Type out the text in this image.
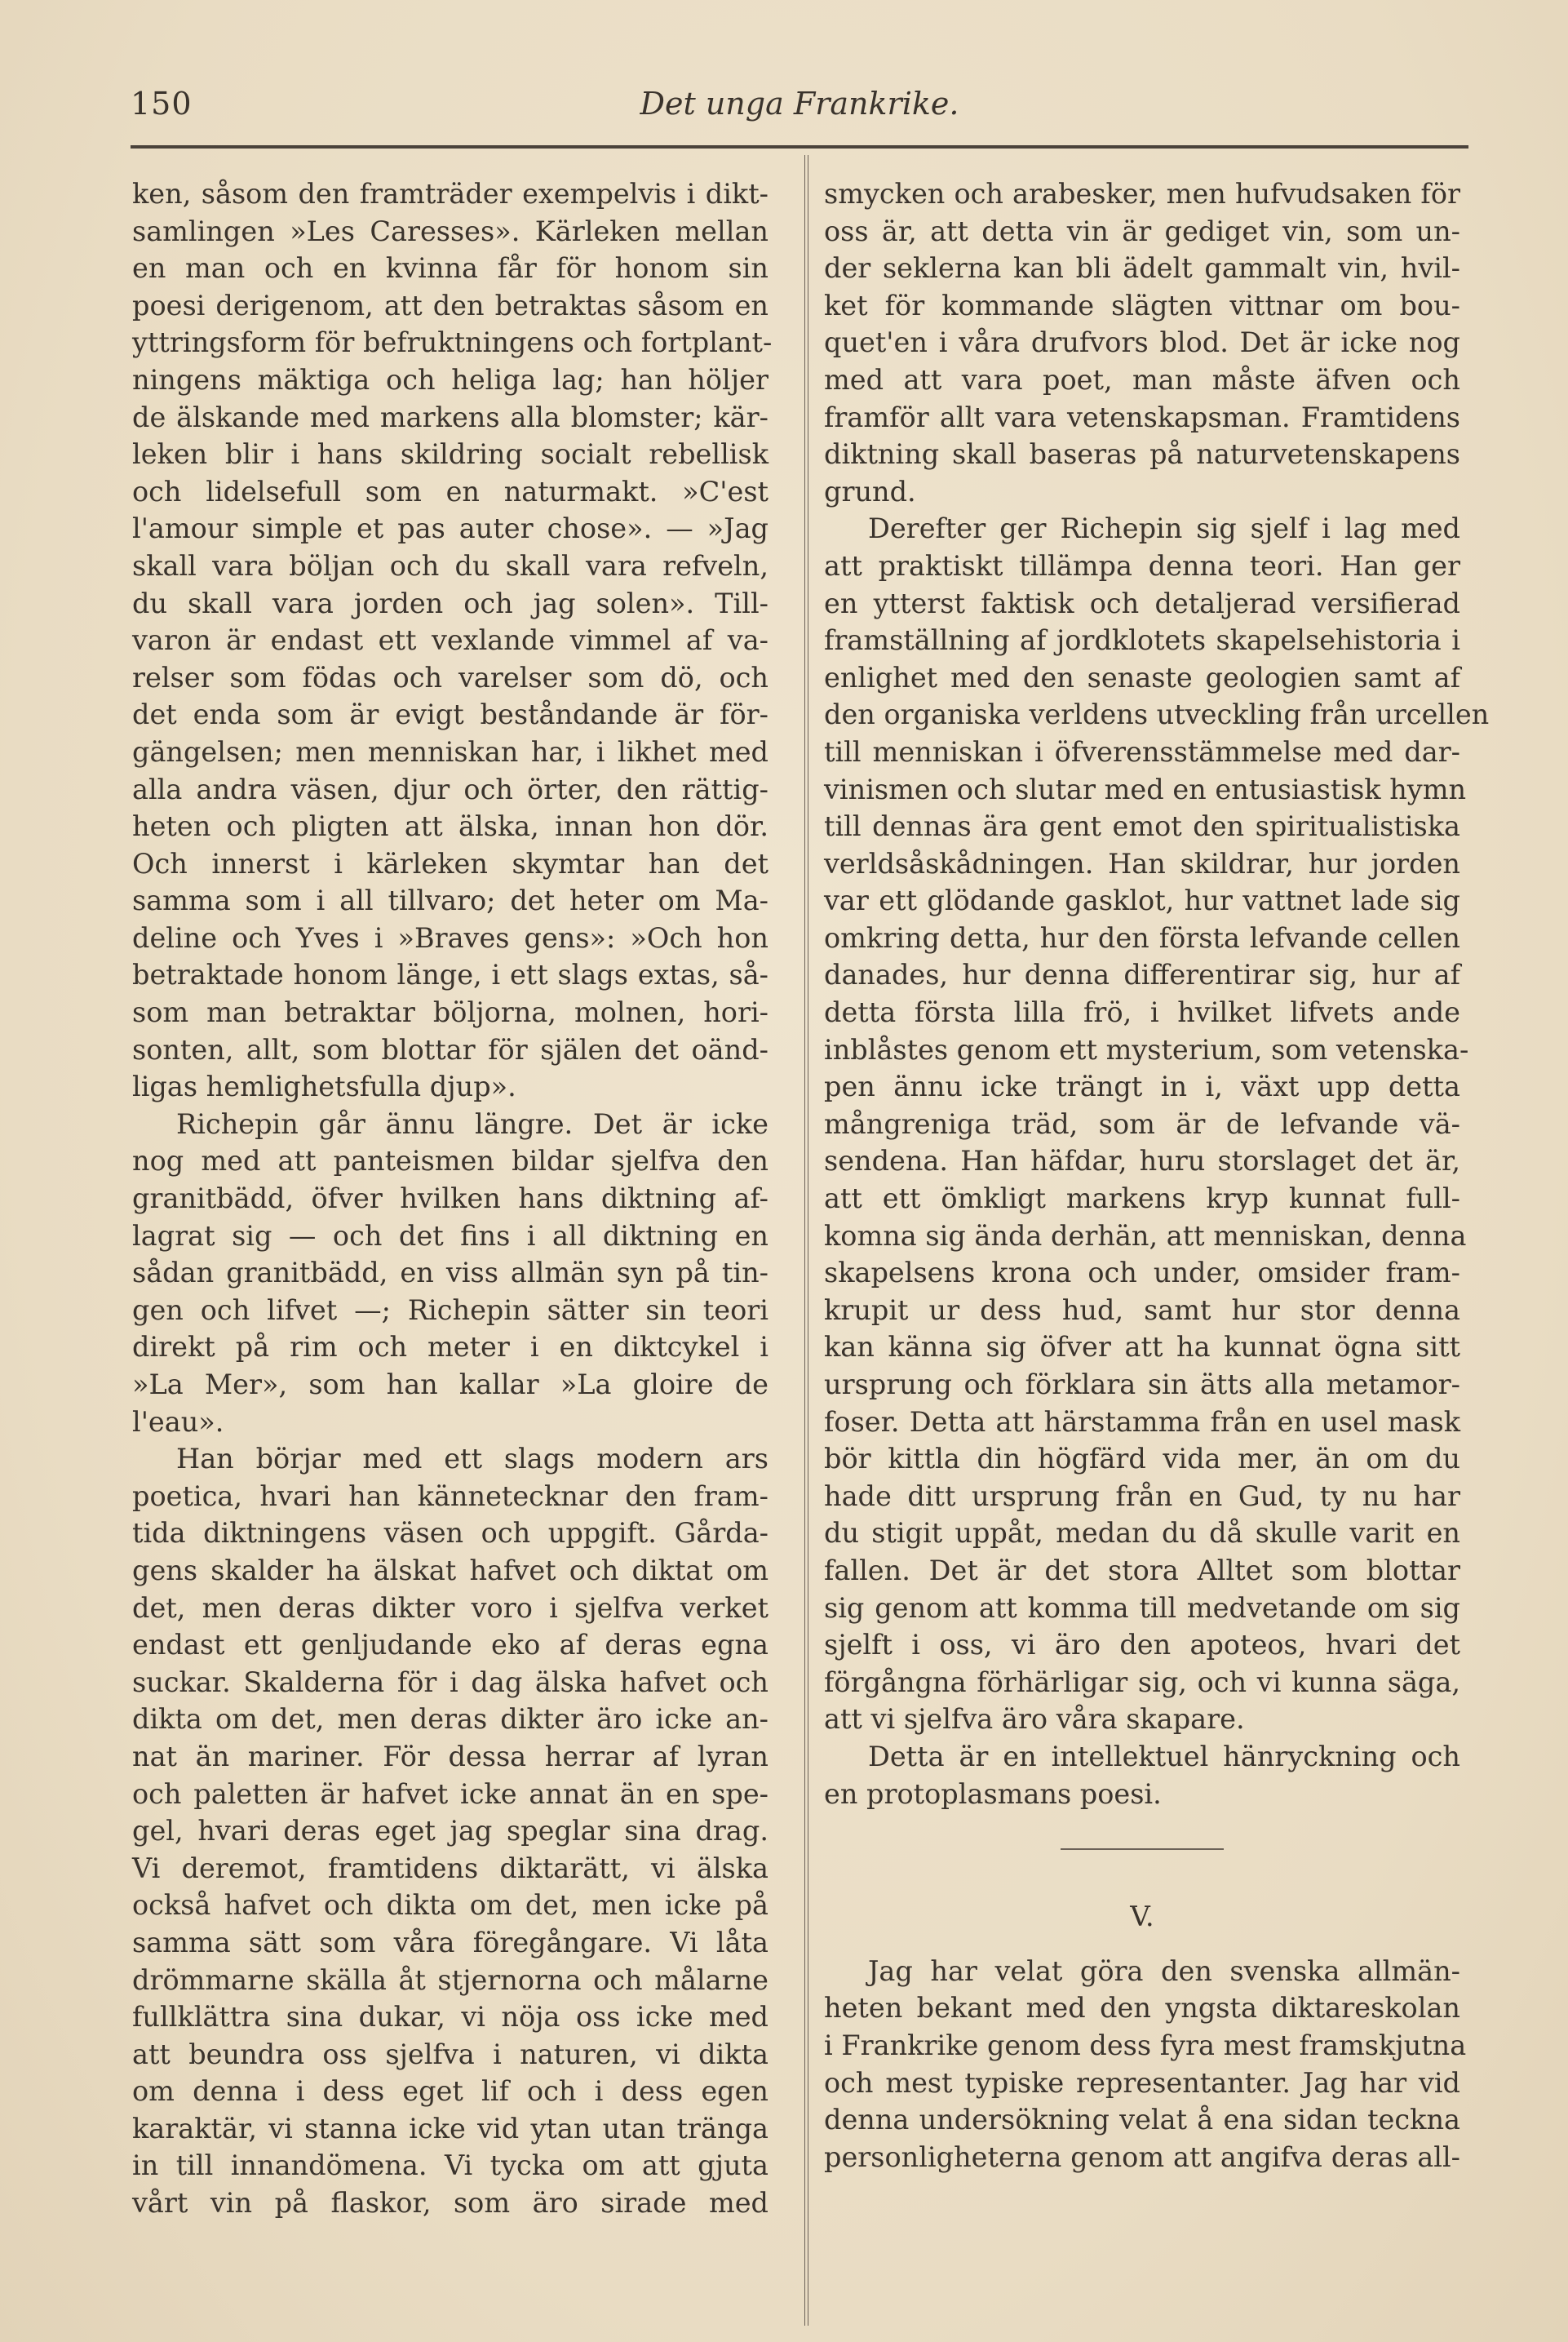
150	Det unga Frankrike.
ken, såsom den framträder exempelvis i dikt-
samlingen »Les Caresses». Kärleken mellan
en man och en kvinna får för honom sin
poesi derigenom, att den betraktas såsom en
yttringsform för befruktningens och fortplant-
ningens mäktiga och heliga lag; han höljer
de älskande med markens alla blomster; kär-
leken blir i hans skildring socialt rebellisk
och lidelsefull som en naturmakt. »C'est
l'amour simple et pas auter chose». — »Jag
skall vara böljan och du skall vara refveln,
du skall vara jorden och jag solen». Till-
varon är endast ett vexlande vimmel af va-
relser som födas och varelser som dö, och
det enda som är evigt beståndande är för-
gängelsen; men menniskan har, i likhet med
alla andra väsen, djur och örter, den rättig-
heten och pligten att älska, innan hon dör.
Och innerst i kärleken skymtar han det
samma som i all tillvaro; det heter om Ma-
deline och Yves i »Braves gens»: »Och hon
betraktade honom länge, i ett slags extas, så-
som man betraktar böljorna, molnen, hori-
sonten, allt, som blottar för själen det oänd-
ligas hemlighetsfulla djup».
Richepin går ännu längre. Det är icke
nog med att panteismen bildar sjelfva den
granitbädd, öfver hvilken hans diktning af-
lagrat sig — och det fins i all diktning en
sådan granitbädd, en viss allmän syn på tin-
gen och lifvet —; Richepin sätter sin teori
direkt på rim och meter i en diktcykel i
»La Mer», som han kallar »La gloire de
l'eau».
Han börjar med ett slags modern ars
poetica, hvari han kännetecknar den fram-
tida diktningens väsen och uppgift. Gårda-
gens skalder ha älskat hafvet och diktat om
det, men deras dikter voro i sjelfva verket
endast ett genljudande eko af deras egna
suckar. Skalderna för i dag älska hafvet och
dikta om det, men deras dikter äro icke an-
nat än mariner. För dessa herrar af lyran
och paletten är hafvet icke annat än en spe-
gel, hvari deras eget jag speglar sina drag.
Vi deremot, framtidens diktarätt, vi älska
också hafvet och dikta om det, men icke på
samma sätt som våra föregångare. Vi låta
drömmarne skälla åt stjernorna och målarne
fullklättra sina dukar, vi nöja oss icke med
att beundra oss sjelfva i naturen, vi dikta
om denna i dess eget lif och i dess egen
karaktär, vi stanna icke vid ytan utan tränga
in till innandömena. Vi tycka om att gjuta
vårt vin på flaskor, som äro sirade med
smycken och arabesker, men hufvudsaken för
oss är, att detta vin är gediget vin, som un-
der seklerna kan bli ädelt gammalt vin, hvil-
ket för kommande slägten vittnar om bou-
quet'en i våra drufvors blod. Det är icke nog
med att vara poet, man måste äfven och
framför allt vara vetenskapsman. Framtidens
diktning skall baseras på naturvetenskapens
grund.
Derefter ger Richepin sig sjelf i lag med
att praktiskt tillämpa denna teori. Han ger
en ytterst faktisk och detaljerad versifierad
framställning af jordklotets skapelsehistoria i
enlighet med den senaste geologien samt af
den organiska verldens utveckling från urcellen
till menniskan i öfverensstämmelse med dar-
vinismen och slutar med en entusiastisk hymn
till dennas ära gent emot den spiritualistiska
verldsåskådningen. Han skildrar, hur jorden
var ett glödande gasklot, hur vattnet lade sig
omkring detta, hur den första lefvande cellen
danades, hur denna differentirar sig, hur af
detta första lilla frö, i hvilket lifvets ande
inblåstes genom ett mysterium, som vetenska-
pen ännu icke trängt in i, växt upp detta
mångreniga träd, som är de lefvande vä-
sendena. Han häfdar, huru storslaget det är,
att ett ömkligt markens kryp kunnat full-
komna sig ända derhän, att menniskan, denna
skapelsens krona och under, omsider fram-
krupit ur dess hud, samt hur stor denna
kan känna sig öfver att ha kunnat ögna sitt
ursprung och förklara sin ätts alla metamor-
foser. Detta att härstamma från en usel mask
bör kittla din högfärd vida mer, än om du
hade ditt ursprung från en Gud, ty nu har
du stigit uppåt, medan du då skulle varit en
fallen. Det är det stora Alltet som blottar
sig genom att komma till medvetande om sig
sjelft i oss, vi äro den apoteos, hvari det
förgångna förhärligar sig, och vi kunna säga,
att vi sjelfva äro våra skapare.
Detta är en intellektuel hänryckning och
en protoplasmans poesi.
V.
Jag har velat göra den svenska allmän-
heten bekant med den yngsta diktareskolan
i Frankrike genom dess fyra mest framskjutna
och mest typiske representanter. Jag har vid
denna undersökning velat å ena sidan teckna
personligheterna genom att angifva deras all-
